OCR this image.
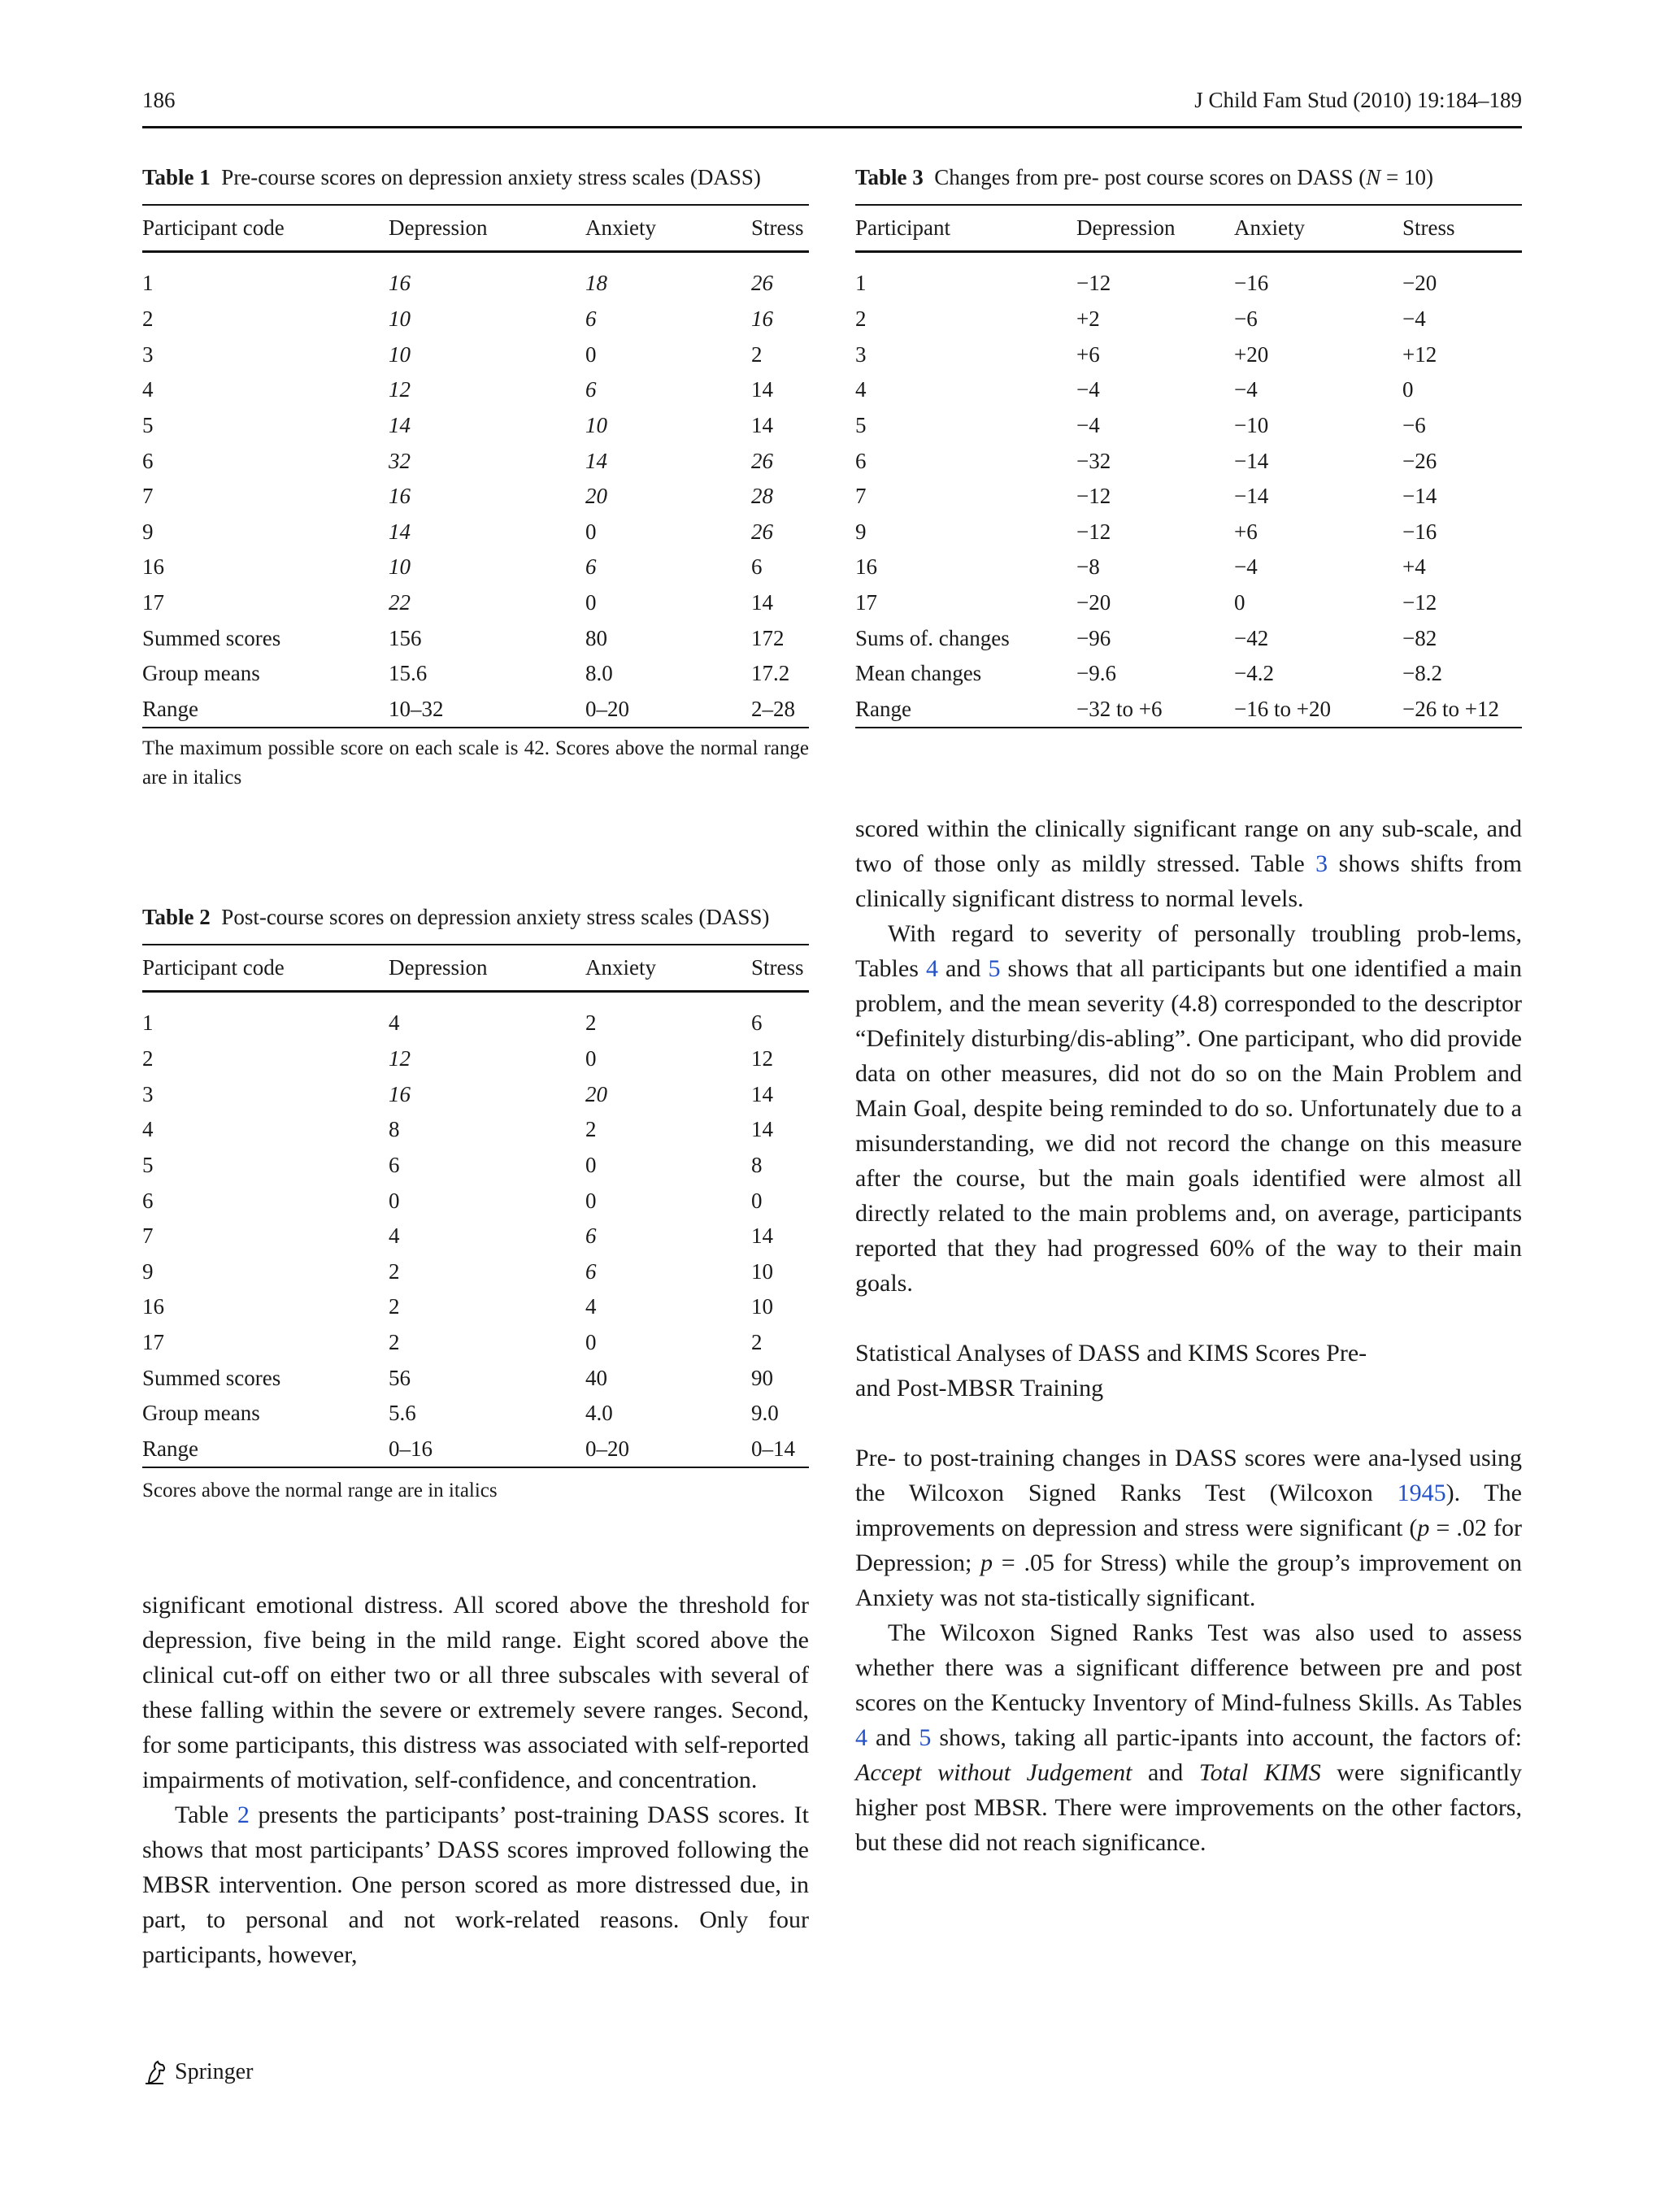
186	J Child Fam Stud (2010) 19:184–189
Table 1 Pre-course scores on depression anxiety stress scales (DASS)
Participant code	Depression	Anxiety	Stress
1	16	18	26
2	10	6	16
3	10	0	2
4	12	6	14
5	14	10	14
6	32	14	26
7	16	20	28
9	14	0	26
16	10	6	6
17	22	0	14
Summed scores	156	80	172
Group means	15.6	8.0	17.2
Range	10–32	0–20	2–28
The maximum possible score on each scale is 42. Scores above the normal range are in italics
Table 2 Post-course scores on depression anxiety stress scales (DASS)
Participant code	Depression	Anxiety	Stress
1	4	2	6
2	12	0	12
3	16	20	14
4	8	2	14
5	6	0	8
6	0	0	0
7	4	6	14
9	2	6	10
16	2	4	10
17	2	0	2
Summed scores	56	40	90
Group means	5.6	4.0	9.0
Range	0–16	0–20	0–14
Scores above the normal range are in italics

significant emotional distress. All scored above the threshold for depression, five being in the mild range. Eight scored above the clinical cut-off on either two or all three subscales with several of these falling within the severe or extremely severe ranges. Second, for some participants, this distress was associated with self-reported impairments of motivation, self-confidence, and concentration.

Table 2 presents the participants’ post-training DASS scores. It shows that most participants’ DASS scores improved following the MBSR intervention. One person scored as more distressed due, in part, to personal and not work-related reasons. Only four participants, however,

Table 3 Changes from pre- post course scores on DASS (N = 10)
Participant	Depression	Anxiety	Stress
1	−12	−16	−20
2	+2	−6	−4
3	+6	+20	+12
4	−4	−4	0
5	−4	−10	−6
6	−32	−14	−26
7	−12	−14	−14
9	−12	+6	−16
16	−8	−4	+4
17	−20	0	−12
Sums of. changes	−96	−42	−82
Mean changes	−9.6	−4.2	−8.2
Range	−32 to +6	−16 to +20	−26 to +12

scored within the clinically significant range on any sub-scale, and two of those only as mildly stressed. Table 3 shows shifts from clinically significant distress to normal levels.

With regard to severity of personally troubling prob-lems, Tables 4 and 5 shows that all participants but one identified a main problem, and the mean severity (4.8) corresponded to the descriptor “Definitely disturbing/dis-abling”. One participant, who did provide data on other measures, did not do so on the Main Problem and Main Goal, despite being reminded to do so. Unfortunately due to a misunderstanding, we did not record the change on this measure after the course, but the main goals identified were almost all directly related to the main problems and, on average, participants reported that they had progressed 60% of the way to their main goals.

Statistical Analyses of DASS and KIMS Scores Pre-
and Post-MBSR Training

Pre- to post-training changes in DASS scores were ana-lysed using the Wilcoxon Signed Ranks Test (Wilcoxon 1945). The improvements on depression and stress were significant (p = .02 for Depression; p = .05 for Stress) while the group’s improvement on Anxiety was not sta-tistically significant.

The Wilcoxon Signed Ranks Test was also used to assess whether there was a significant difference between pre and post scores on the Kentucky Inventory of Mind-fulness Skills. As Tables 4 and 5 shows, taking all partic-ipants into account, the factors of: Accept without Judgement and Total KIMS were significantly higher post MBSR. There were improvements on the other factors, but these did not reach significance.

Springer
